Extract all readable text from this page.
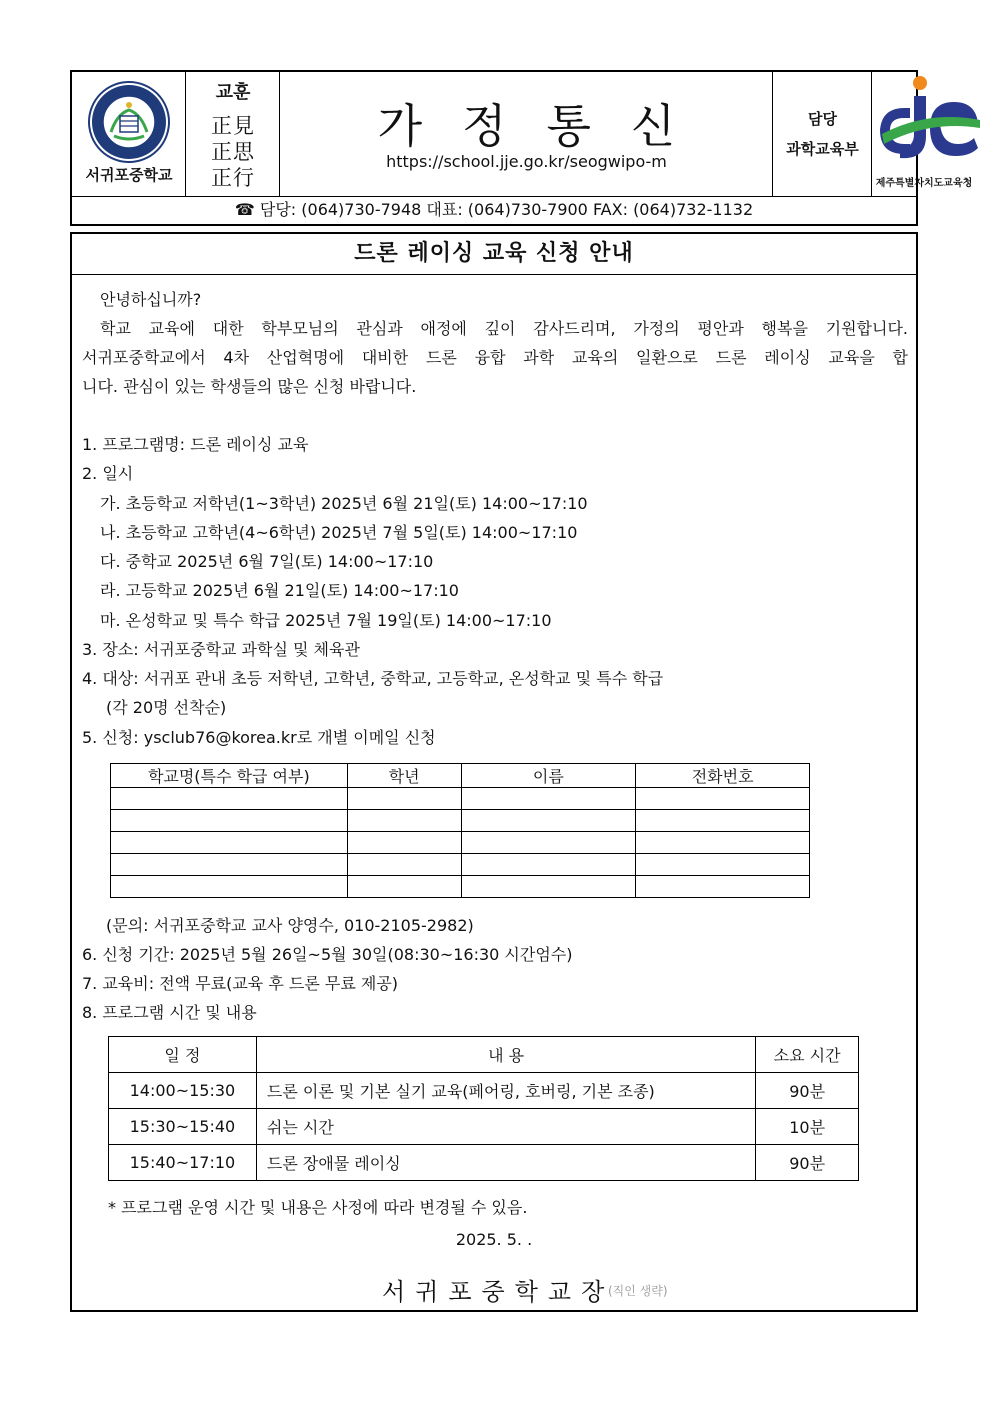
서귀포중학교
교훈
正見
正思
正行
가정통신
https://school.jje.go.kr/seogwipo-m
담당
과학교육부
제주특별자치도교육청
☎ 담당: (064)730-7948 대표: (064)730-7900 FAX: (064)732-1132
드론 레이싱 교육 신청 안내
안녕하십니까?
학교 교육에 대한 학부모님의 관심과 애정에 깊이 감사드리며, 가정의 평안과 행복을 기원합니다.
서귀포중학교에서 4차 산업혁명에 대비한 드론 융합 과학 교육의 일환으로 드론 레이싱 교육을 합
니다. 관심이 있는 학생들의 많은 신청 바랍니다.
1. 프로그램명: 드론 레이싱 교육
2. 일시
가. 초등학교 저학년(1~3학년) 2025년 6월 21일(토) 14:00~17:10
나. 초등학교 고학년(4~6학년) 2025년 7월 5일(토) 14:00~17:10
다. 중학교 2025년 6월 7일(토) 14:00~17:10
라. 고등학교 2025년 6월 21일(토) 14:00~17:10
마. 온성학교 및 특수 학급 2025년 7월 19일(토) 14:00~17:10
3. 장소: 서귀포중학교 과학실 및 체육관
4. 대상: 서귀포 관내 초등 저학년, 고학년, 중학교, 고등학교, 온성학교 및 특수 학급
(각 20명 선착순)
5. 신청: ysclub76@korea.kr로 개별 이메일 신청
학교명(특수 학급 여부)	학년	이름	전화번호

(문의: 서귀포중학교 교사 양영수, 010-2105-2982)
6. 신청 기간: 2025년 5월 26일~5월 30일(08:30~16:30 시간엄수)
7. 교육비: 전액 무료(교육 후 드론 무료 제공)
8. 프로그램 시간 및 내용
일 정	내 용	소요 시간
14:00~15:30	드론 이론 및 기본 실기 교육(페어링, 호버링, 기본 조종)	90분
15:30~15:40	쉬는 시간	10분
15:40~17:10	드론 장애물 레이싱	90분
* 프로그램 운영 시간 및 내용은 사정에 따라 변경될 수 있음.
2025. 5. .
서귀포중학교장
(직인 생략)
